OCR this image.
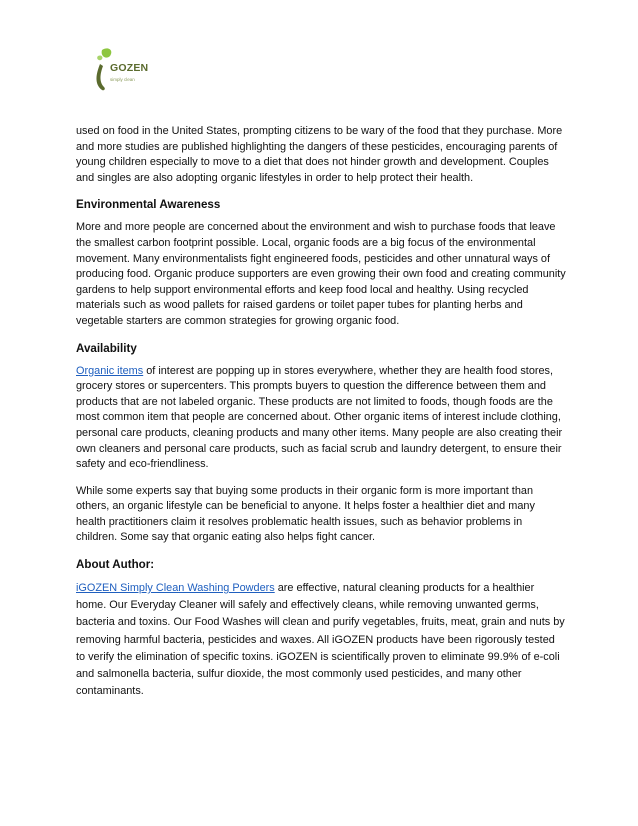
GOZEN
simply clean

used on food in the United States, prompting citizens to be wary of the food that they purchase. More and more studies are published highlighting the dangers of these pesticides, encouraging parents of young children especially to move to a diet that does not hinder growth and development. Couples and singles are also adopting organic lifestyles in order to help protect their health.

Environmental Awareness

More and more people are concerned about the environment and wish to purchase foods that leave the smallest carbon footprint possible. Local, organic foods are a big focus of the environmental movement. Many environmentalists fight engineered foods, pesticides and other unnatural ways of producing food. Organic produce supporters are even growing their own food and creating community gardens to help support environmental efforts and keep food local and healthy. Using recycled materials such as wood pallets for raised gardens or toilet paper tubes for planting herbs and vegetable starters are common strategies for growing organic food.

Availability

Organic items of interest are popping up in stores everywhere, whether they are health food stores, grocery stores or supercenters. This prompts buyers to question the difference between them and products that are not labeled organic. These products are not limited to foods, though foods are the most common item that people are concerned about. Other organic items of interest include clothing, personal care products, cleaning products and many other items. Many people are also creating their own cleaners and personal care products, such as facial scrub and laundry detergent, to ensure their safety and eco-friendliness.

While some experts say that buying some products in their organic form is more important than others, an organic lifestyle can be beneficial to anyone. It helps foster a healthier diet and many health practitioners claim it resolves problematic health issues, such as behavior problems in children. Some say that organic eating also helps fight cancer.

About Author:

iGOZEN Simply Clean Washing Powders are effective, natural cleaning products for a healthier home. Our Everyday Cleaner will safely and effectively cleans, while removing unwanted germs, bacteria and toxins. Our Food Washes will clean and purify vegetables, fruits, meat, grain and nuts by removing harmful bacteria, pesticides and waxes. All iGOZEN products have been rigorously tested to verify the elimination of specific toxins. iGOZEN is scientifically proven to eliminate 99.9% of e-coli and salmonella bacteria, sulfur dioxide, the most commonly used pesticides, and many other contaminants.
